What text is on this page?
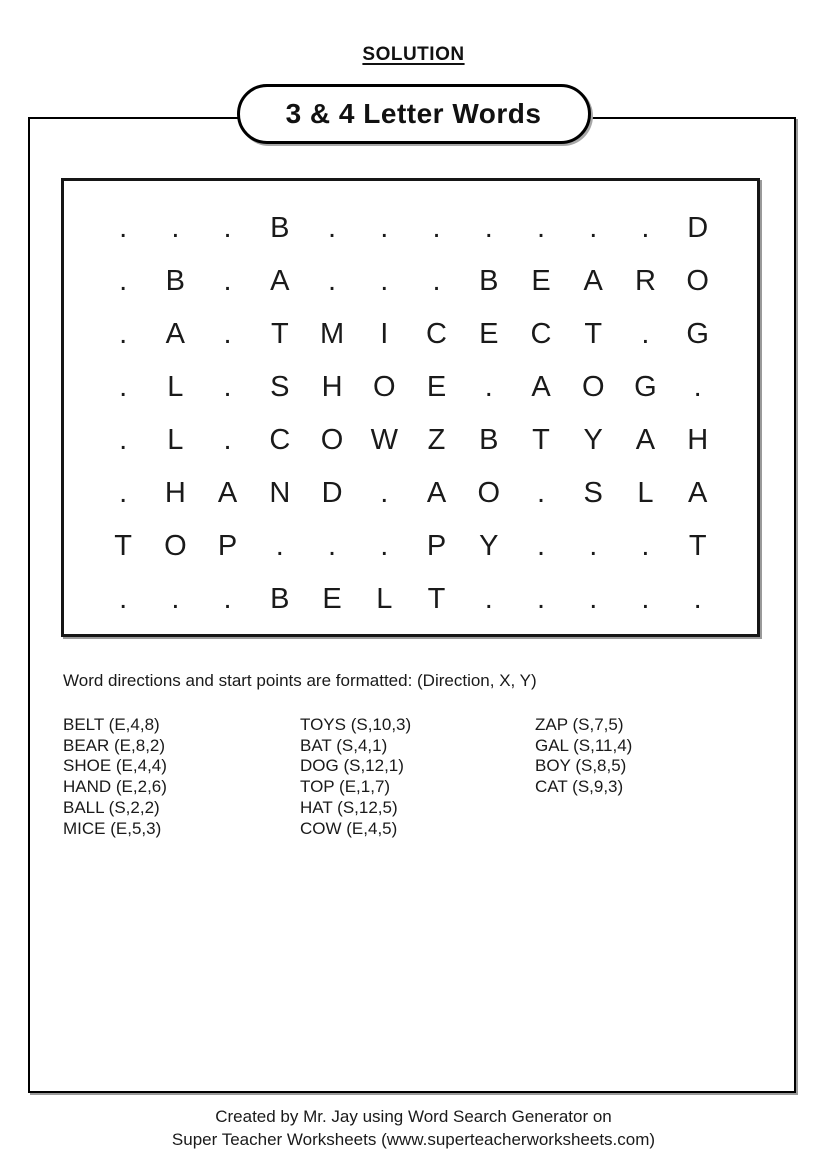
SOLUTION
3 & 4 Letter Words
. . . B . . . . . . . D
. B . A . . . B E A R O
. A . T M I C E C T . G
. L . S H O E . A O G .
. L . C O W Z B T Y A H
. H A N D . A O . S L A
T O P . . . P Y . . . T
. . . B E L T . . . . .
Word directions and start points are formatted: (Direction, X, Y)
BELT (E,4,8)
BEAR (E,8,2)
SHOE (E,4,4)
HAND (E,2,6)
BALL (S,2,2)
MICE (E,5,3)
TOYS (S,10,3)
BAT (S,4,1)
DOG (S,12,1)
TOP (E,1,7)
HAT (S,12,5)
COW (E,4,5)
ZAP (S,7,5)
GAL (S,11,4)
BOY (S,8,5)
CAT (S,9,3)
Created by Mr. Jay using Word Search Generator on
Super Teacher Worksheets (www.superteacherworksheets.com)
